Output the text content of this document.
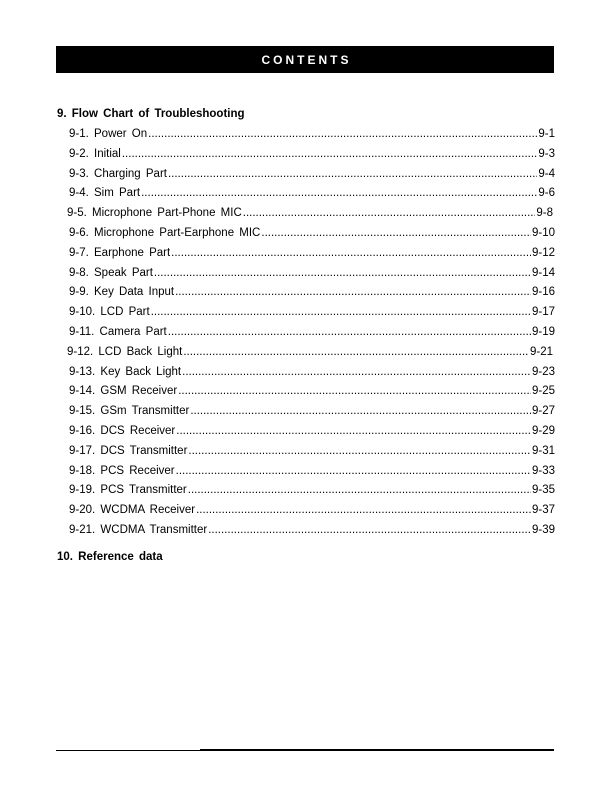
CONTENTS
9. Flow Chart of Troubleshooting
9-1. Power On .....	9-1
9-2. Initial .....	9-3
9-3. Charging Part .....	9-4
9-4. Sim Part .....	9-6
9-5. Microphone Part-Phone MIC .....	9-8
9-6. Microphone Part-Earphone MIC .....	9-10
9-7. Earphone Part .....	9-12
9-8. Speak Part .....	9-14
9-9. Key Data Input .....	9-16
9-10. LCD Part .....	9-17
9-11. Camera Part .....	9-19
9-12. LCD Back Light .....	9-21
9-13. Key Back Light .....	9-23
9-14. GSM Receiver .....	9-25
9-15. GSm Transmitter .....	9-27
9-16. DCS Receiver .....	9-29
9-17. DCS Transmitter .....	9-31
9-18. PCS Receiver .....	9-33
9-19. PCS Transmitter .....	9-35
9-20. WCDMA Receiver .....	9-37
9-21. WCDMA Transmitter .....	9-39
10. Reference data
